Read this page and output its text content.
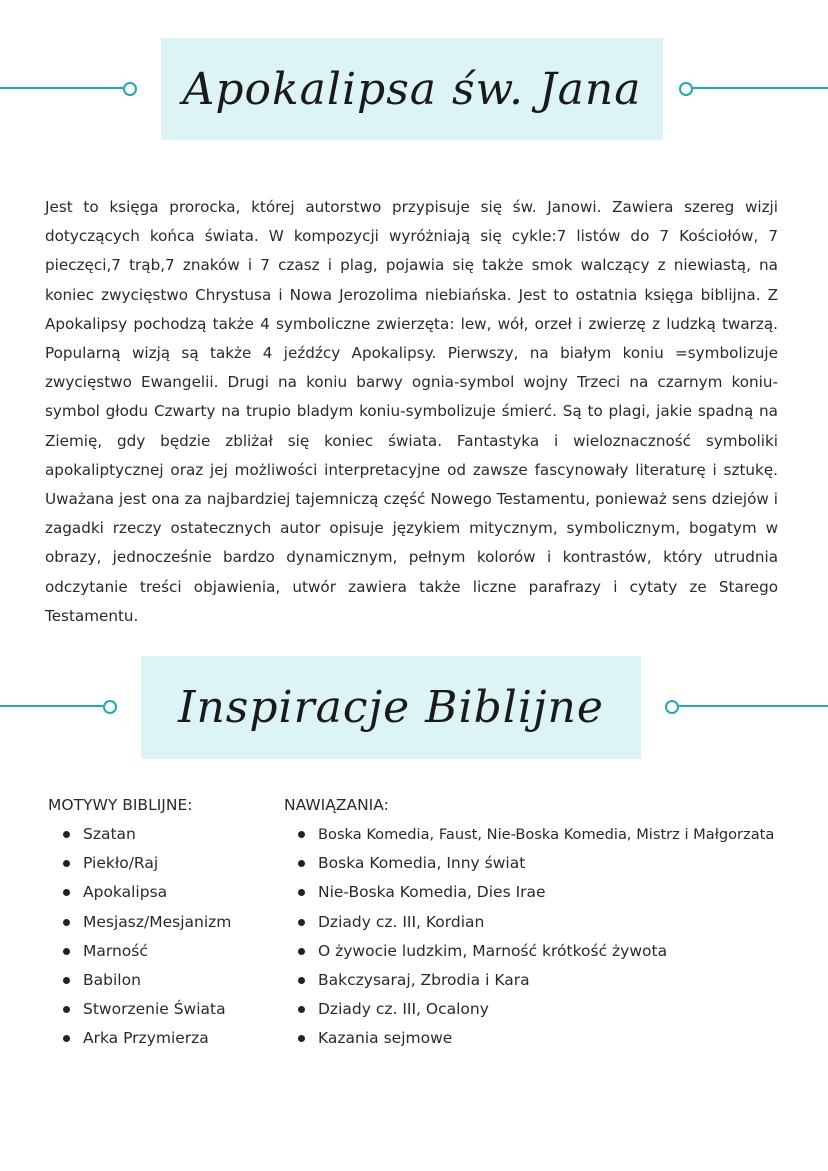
Apokalipsa św. Jana

Jest to księga prorocka, której autorstwo przypisuje się św. Janowi. Zawiera szereg wizji dotyczących końca świata. W kompozycji wyróżniają się cykle:7 listów do 7 Kościołów, 7 pieczęci,7 trąb,7 znaków i 7 czasz i plag, pojawia się także smok walczący z niewiastą, na koniec zwycięstwo Chrystusa i Nowa Jerozolima niebiańska. Jest to ostatnia księga biblijna. Z Apokalipsy pochodzą także 4 symboliczne zwierzęta: lew, wół, orzeł i zwierzę z ludzką twarzą. Popularną wizją są także 4 jeźdźcy Apokalipsy. Pierwszy, na białym koniu =symbolizuje zwycięstwo Ewangelii. Drugi na koniu barwy ognia-symbol wojny Trzeci na czarnym koniu-symbol głodu Czwarty na trupio bladym koniu-symbolizuje śmierć. Są to plagi, jakie spadną na Ziemię, gdy będzie zbliżał się koniec świata. Fantastyka i wieloznaczność symboliki apokaliptycznej oraz jej możliwości interpretacyjne od zawsze fascynowały literaturę i sztukę. Uważana jest ona za najbardziej tajemniczą część Nowego Testamentu, ponieważ sens dziejów i zagadki rzeczy ostatecznych autor opisuje językiem mitycznym, symbolicznym, bogatym w obrazy, jednocześnie bardzo dynamicznym, pełnym kolorów i kontrastów, który utrudnia odczytanie treści objawienia, utwór zawiera także liczne parafrazy i cytaty ze Starego Testamentu.

Inspiracje Biblijne

MOTYWY BIBLIJNE:

Szatan
Piekło/Raj
Apokalipsa
Mesjasz/Mesjanizm
Marność
Babilon
Stworzenie Świata
Arka Przymierza

NAWIĄZANIA:

Boska Komedia, Faust, Nie-Boska Komedia, Mistrz i Małgorzata
Boska Komedia, Inny świat
Nie-Boska Komedia, Dies Irae
Dziady cz. III, Kordian
O żywocie ludzkim, Marność krótkość żywota
Bakczysaraj, Zbrodia i Kara
Dziady cz. III, Ocalony
Kazania sejmowe
